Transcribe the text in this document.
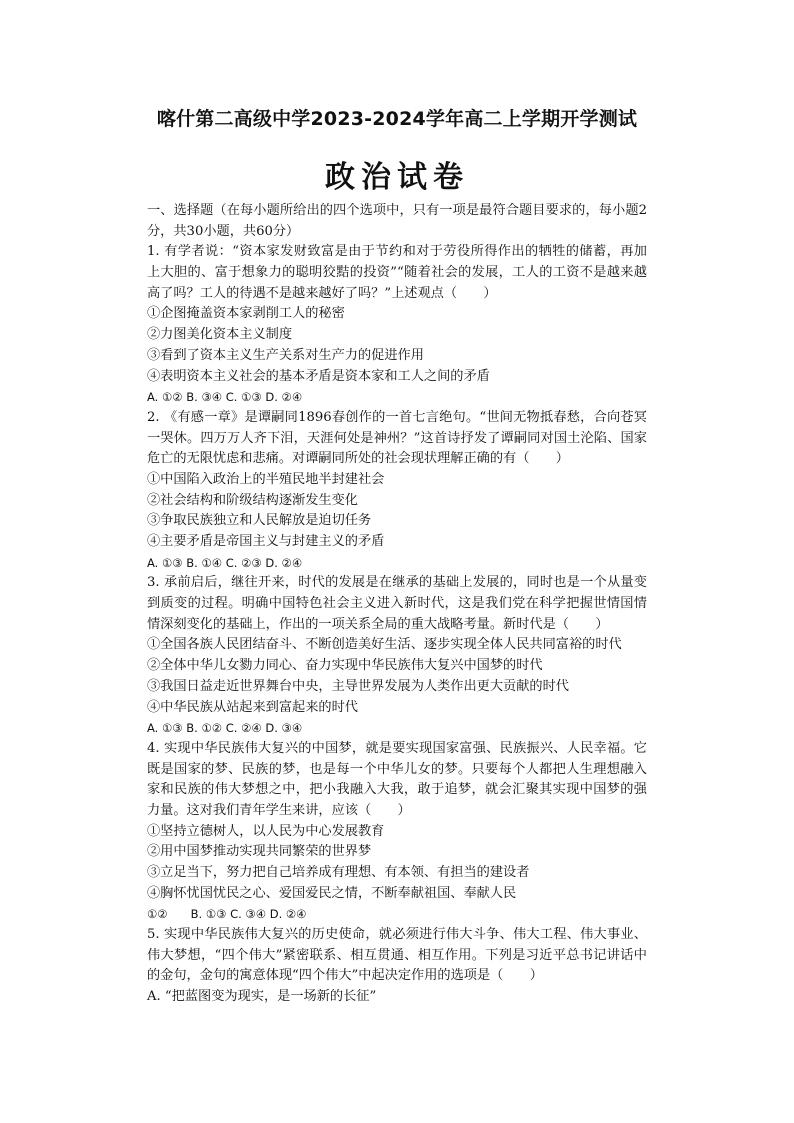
喀什第二高级中学2023-2024学年高二上学期开学测试
政治试卷
一、选择题（在每小题所给出的四个选项中，只有一项是最符合题目要求的，每小题2
分，共30小题，共60分）
1. 有学者说：“资本家发财致富是由于节约和对于劳役所得作出的牺牲的储蓄，再加
上大胆的、富于想象力的聪明狡黠的投资”“随着社会的发展，工人的工资不是越来越
高了吗？工人的待遇不是越来越好了吗？”上述观点（　　）
①企图掩盖资本家剥削工人的秘密
②力图美化资本主义制度
③看到了资本主义生产关系对生产力的促进作用
④表明资本主义社会的基本矛盾是资本家和工人之间的矛盾
A. ①② B. ③④ C. ①③ D. ②④
2. 《有感一章》是谭嗣同1896春创作的一首七言绝句。“世间无物抵春愁，合向苍冥
一哭休。四万万人齐下泪，天涯何处是神州？”这首诗抒发了谭嗣同对国土沦陷、国家
危亡的无限忧虑和悲痛。对谭嗣同所处的社会现状理解正确的有（　　）
①中国陷入政治上的半殖民地半封建社会
②社会结构和阶级结构逐渐发生变化
③争取民族独立和人民解放是迫切任务
④主要矛盾是帝国主义与封建主义的矛盾
A. ①③ B. ①④ C. ②③ D. ②④
3. 承前启后，继往开来，时代的发展是在继承的基础上发展的，同时也是一个从量变
到质变的过程。明确中国特色社会主义进入新时代，这是我们党在科学把握世情国情
情深刻变化的基础上，作出的一项关系全局的重大战略考量。新时代是（　　）
①全国各族人民团结奋斗、不断创造美好生活、逐步实现全体人民共同富裕的时代
②全体中华儿女勠力同心、奋力实现中华民族伟大复兴中国梦的时代
③我国日益走近世界舞台中央，主导世界发展为人类作出更大贡献的时代
④中华民族从站起来到富起来的时代
A. ①③ B. ①② C. ②④ D. ③④
4. 实现中华民族伟大复兴的中国梦，就是要实现国家富强、民族振兴、人民幸福。它
既是国家的梦、民族的梦，也是每一个中华儿女的梦。只要每个人都把人生理想融入
家和民族的伟大梦想之中，把小我融入大我，敢于追梦，就会汇聚其实现中国梦的强
力量。这对我们青年学生来讲，应该（　　）
①坚持立德树人，以人民为中心发展教育
②用中国梦推动实现共同繁荣的世界梦
③立足当下，努力把自己培养成有理想、有本领、有担当的建设者
④胸怀忧国忧民之心、爱国爱民之情，不断奉献祖国、奉献人民
①②　　B. ①③ C. ③④ D. ②④
5. 实现中华民族伟大复兴的历史使命，就必须进行伟大斗争、伟大工程、伟大事业、
伟大梦想，“四个伟大”紧密联系、相互贯通、相互作用。下列是习近平总书记讲话中
的金句，金句的寓意体现“四个伟大”中起决定作用的选项是（　　）
A. “把蓝图变为现实，是一场新的长征”
